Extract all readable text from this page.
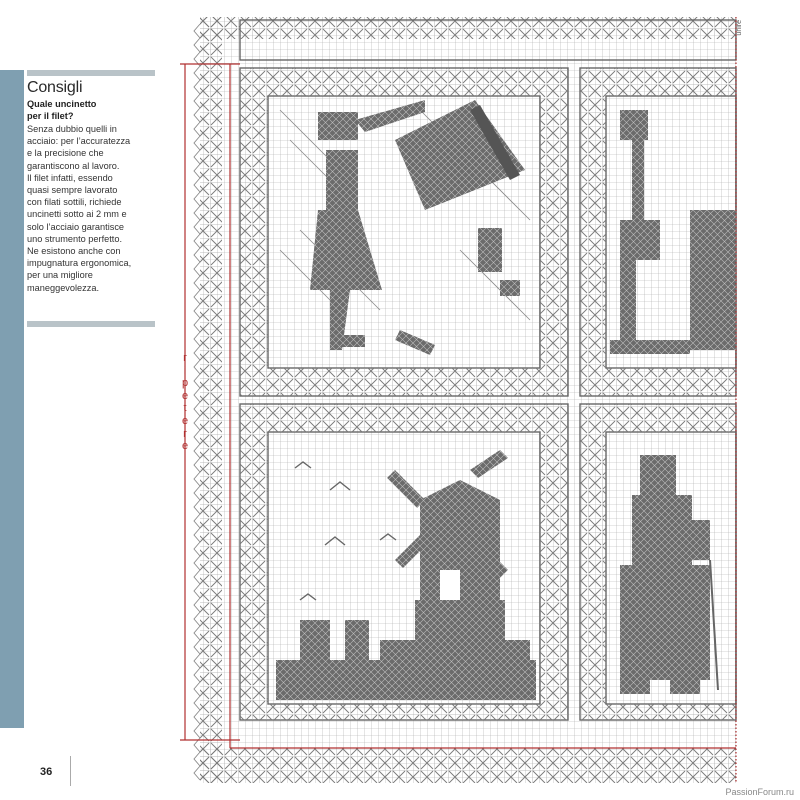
Consigli
Quale uncinetto
per il filet?
Senza dubbio quelli in
acciaio: per l’accuratezza
e la precisione che
garantiscono al lavoro.
Il filet infatti, essendo
quasi sempre lavorato
con filati sottili, richiede
uncinetti sotto ai 2 mm e
solo l’acciaio garantisce
uno strumento perfetto.
Ne esistono anche con
impugnatura ergonomica,
per una migliore
maneggevolezza.
36
r
i
p
e
t
e
r
e
unire
PassionForum.ru
